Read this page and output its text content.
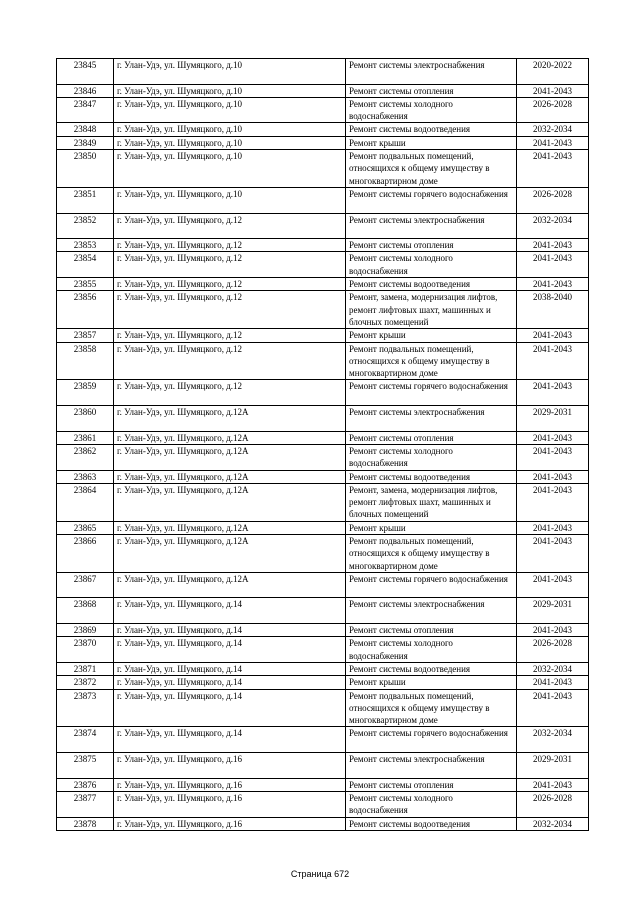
23845	г. Улан-Удэ, ул. Шумяцкого, д.10	Ремонт системы электроснабжения	2020-2022
23846	г. Улан-Удэ, ул. Шумяцкого, д.10	Ремонт системы отопления	2041-2043
23847	г. Улан-Удэ, ул. Шумяцкого, д.10	Ремонт системы холодного водоснабжения	2026-2028
23848	г. Улан-Удэ, ул. Шумяцкого, д.10	Ремонт системы водоотведения	2032-2034
23849	г. Улан-Удэ, ул. Шумяцкого, д.10	Ремонт крыши	2041-2043
23850	г. Улан-Удэ, ул. Шумяцкого, д.10	Ремонт подвальных помещений, относящихся к общему имуществу в многоквартирном доме	2041-2043
23851	г. Улан-Удэ, ул. Шумяцкого, д.10	Ремонт системы горячего водоснабжения	2026-2028
23852	г. Улан-Удэ, ул. Шумяцкого, д.12	Ремонт системы электроснабжения	2032-2034
23853	г. Улан-Удэ, ул. Шумяцкого, д.12	Ремонт системы отопления	2041-2043
23854	г. Улан-Удэ, ул. Шумяцкого, д.12	Ремонт системы холодного водоснабжения	2041-2043
23855	г. Улан-Удэ, ул. Шумяцкого, д.12	Ремонт системы водоотведения	2041-2043
23856	г. Улан-Удэ, ул. Шумяцкого, д.12	Ремонт, замена, модернизация лифтов, ремонт лифтовых шахт, машинных и блочных помещений	2038-2040
23857	г. Улан-Удэ, ул. Шумяцкого, д.12	Ремонт крыши	2041-2043
23858	г. Улан-Удэ, ул. Шумяцкого, д.12	Ремонт подвальных помещений, относящихся к общему имуществу в многоквартирном доме	2041-2043
23859	г. Улан-Удэ, ул. Шумяцкого, д.12	Ремонт системы горячего водоснабжения	2041-2043
23860	г. Улан-Удэ, ул. Шумяцкого, д.12А	Ремонт системы электроснабжения	2029-2031
23861	г. Улан-Удэ, ул. Шумяцкого, д.12А	Ремонт системы отопления	2041-2043
23862	г. Улан-Удэ, ул. Шумяцкого, д.12А	Ремонт системы холодного водоснабжения	2041-2043
23863	г. Улан-Удэ, ул. Шумяцкого, д.12А	Ремонт системы водоотведения	2041-2043
23864	г. Улан-Удэ, ул. Шумяцкого, д.12А	Ремонт, замена, модернизация лифтов, ремонт лифтовых шахт, машинных и блочных помещений	2041-2043
23865	г. Улан-Удэ, ул. Шумяцкого, д.12А	Ремонт крыши	2041-2043
23866	г. Улан-Удэ, ул. Шумяцкого, д.12А	Ремонт подвальных помещений, относящихся к общему имуществу в многоквартирном доме	2041-2043
23867	г. Улан-Удэ, ул. Шумяцкого, д.12А	Ремонт системы горячего водоснабжения	2041-2043
23868	г. Улан-Удэ, ул. Шумяцкого, д.14	Ремонт системы электроснабжения	2029-2031
23869	г. Улан-Удэ, ул. Шумяцкого, д.14	Ремонт системы отопления	2041-2043
23870	г. Улан-Удэ, ул. Шумяцкого, д.14	Ремонт системы холодного водоснабжения	2026-2028
23871	г. Улан-Удэ, ул. Шумяцкого, д.14	Ремонт системы водоотведения	2032-2034
23872	г. Улан-Удэ, ул. Шумяцкого, д.14	Ремонт крыши	2041-2043
23873	г. Улан-Удэ, ул. Шумяцкого, д.14	Ремонт подвальных помещений, относящихся к общему имуществу в многоквартирном доме	2041-2043
23874	г. Улан-Удэ, ул. Шумяцкого, д.14	Ремонт системы горячего водоснабжения	2032-2034
23875	г. Улан-Удэ, ул. Шумяцкого, д.16	Ремонт системы электроснабжения	2029-2031
23876	г. Улан-Удэ, ул. Шумяцкого, д.16	Ремонт системы отопления	2041-2043
23877	г. Улан-Удэ, ул. Шумяцкого, д.16	Ремонт системы холодного водоснабжения	2026-2028
23878	г. Улан-Удэ, ул. Шумяцкого, д.16	Ремонт системы водоотведения	2032-2034
Страница 672
